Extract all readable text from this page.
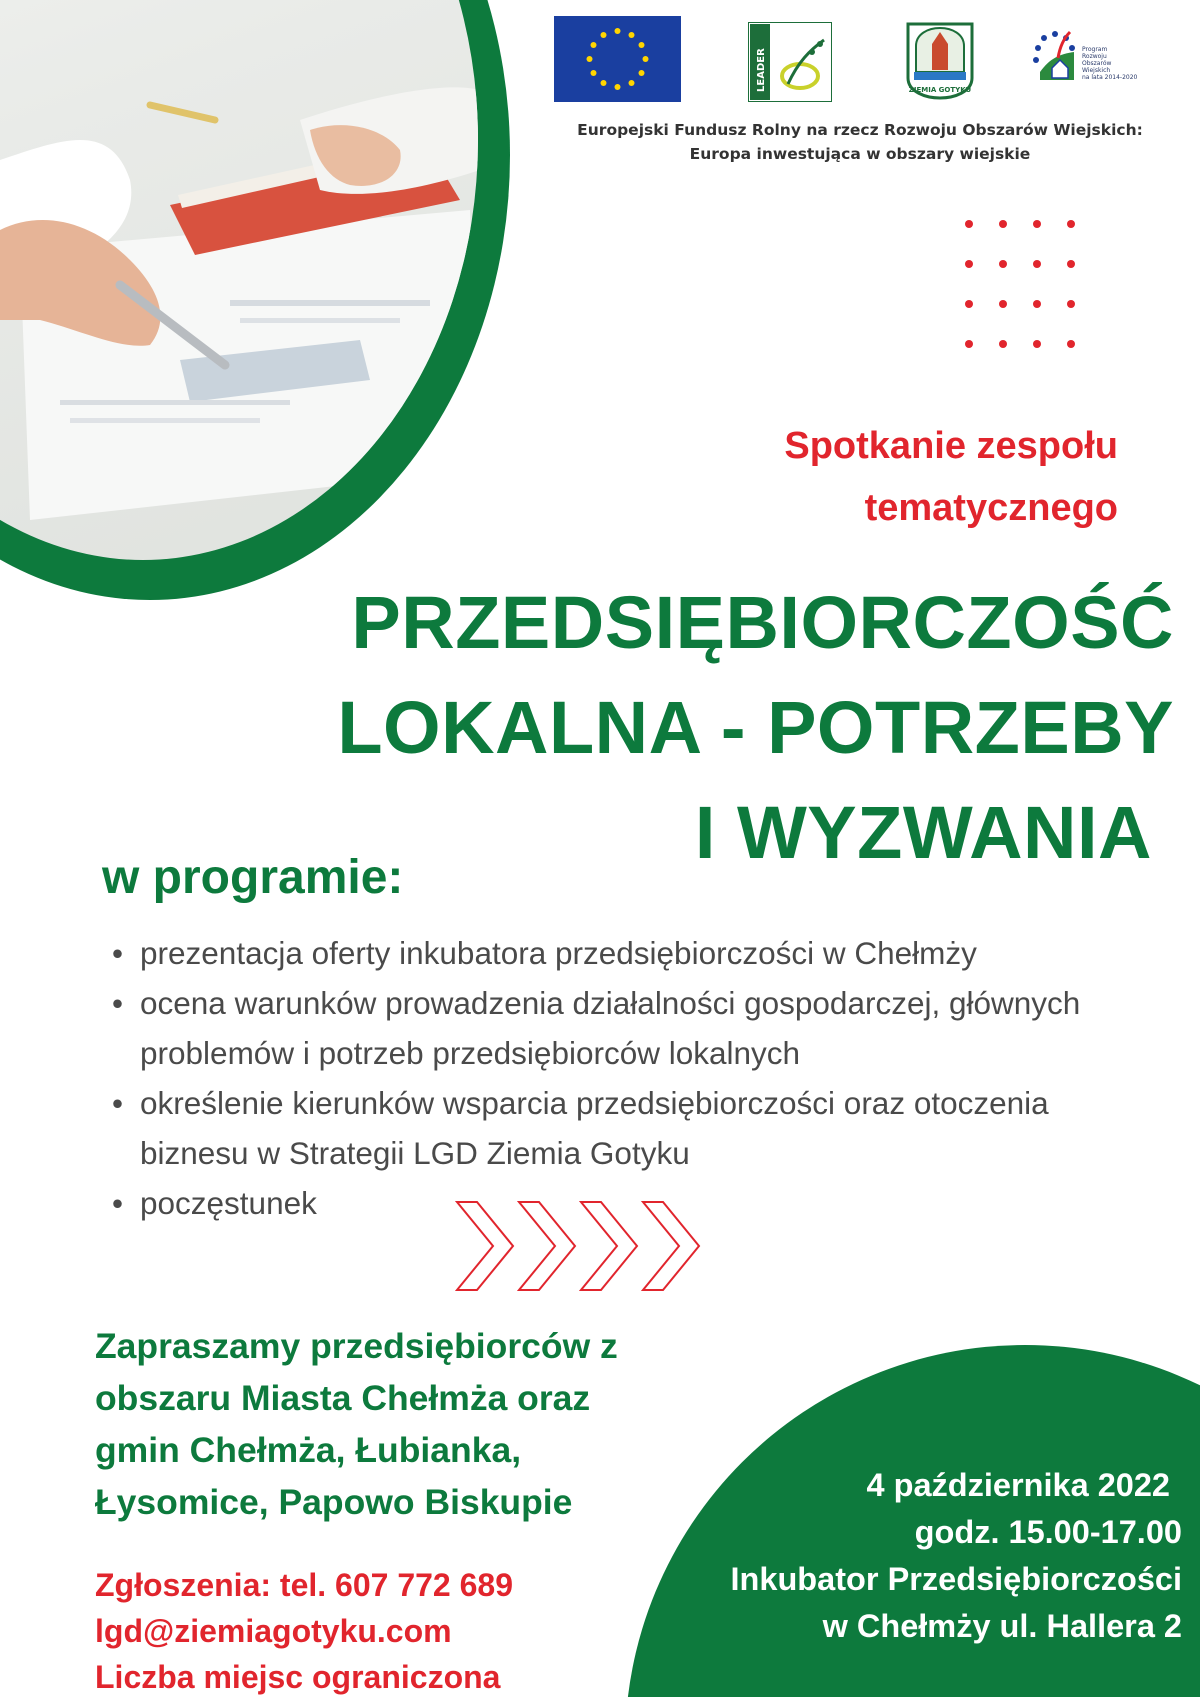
LEADER	ZIEMIA GOTYKU
Program
Rozwoju
Obszarów
Wiejskich
na lata 2014-2020
Europejski Fundusz Rolny na rzecz Rozwoju Obszarów Wiejskich:
Europa inwestująca w obszary wiejskie
Spotkanie zespołu
tematycznego
PRZEDSIĘBIORCZOŚĆ
LOKALNA - POTRZEBY
I WYZWANIA
w programie:
• prezentacja oferty inkubatora przedsiębiorczości w Chełmży
• ocena warunków prowadzenia działalności gospodarczej, głównych problemów i potrzeb przedsiębiorców lokalnych
• określenie kierunków wsparcia przedsiębiorczości oraz otoczenia biznesu w Strategii LGD Ziemia Gotyku
• poczęstunek
Zapraszamy przedsiębiorców z
obszaru Miasta Chełmża oraz
gmin Chełmża, Łubianka,
Łysomice, Papowo Biskupie
Zgłoszenia: tel. 607 772 689
lgd@ziemiagotyku.com
Liczba miejsc ograniczona
4 października 2022
godz. 15.00-17.00
Inkubator Przedsiębiorczości
w Chełmży ul. Hallera 2
